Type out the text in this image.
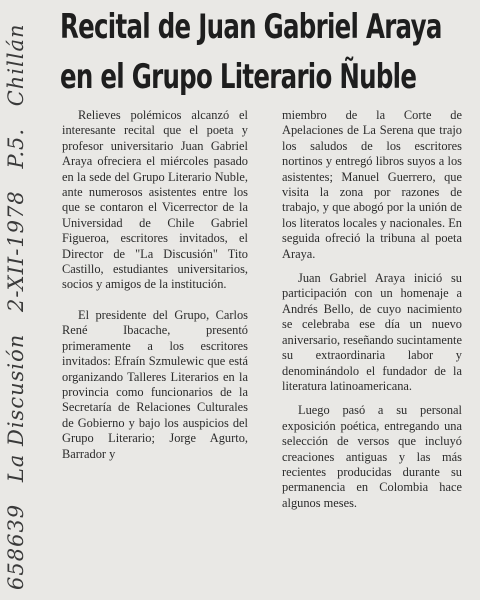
Recital de Juan Gabriel Araya
en el Grupo Literario Ñuble

Relieves polémicos alcanzó el interesante recital que el poeta y profesor universitario Juan Gabriel Araya ofreciera el miércoles pasado en la sede del Grupo Literario Nuble, ante numerosos asistentes entre los que se contaron el Vicerrector de la Universidad de Chile Gabriel Figueroa, escritores invitados, el Director de "La Discusión" Tito Castillo, estudiantes universitarios, socios y amigos de la institución.

El presidente del Grupo, Carlos René Ibacache, presentó primeramente a los escritores invitados: Efraín Szmulewic que está organizando Talleres Literarios en la provincia como funcionarios de la Secretaría de Relaciones Culturales de Gobierno y bajo los auspicios del Grupo Literario; Jorge Agurto, Barrador y

miembro de la Corte de Apelaciones de La Serena que trajo los saludos de los escritores nortinos y entregó libros suyos a los asistentes; Manuel Guerrero, que visita la zona por razones de trabajo, y que abogó por la unión de los literatos locales y nacionales. En seguida ofreció la tribuna al poeta Araya.

Juan Gabriel Araya inició su participación con un homenaje a Andrés Bello, de cuyo nacimiento se celebraba ese día un nuevo aniversario, reseñando sucintamente su extraordinaria labor y denominándolo el fundador de la literatura latinoamericana.

Luego pasó a su personal exposición poética, entregando una selección de versos que incluyó creaciones antiguas y las más recientes producidas durante su permanencia en Colombia hace algunos meses.

658639 La Discusión 2-XII-1978 P.5. Chillán
